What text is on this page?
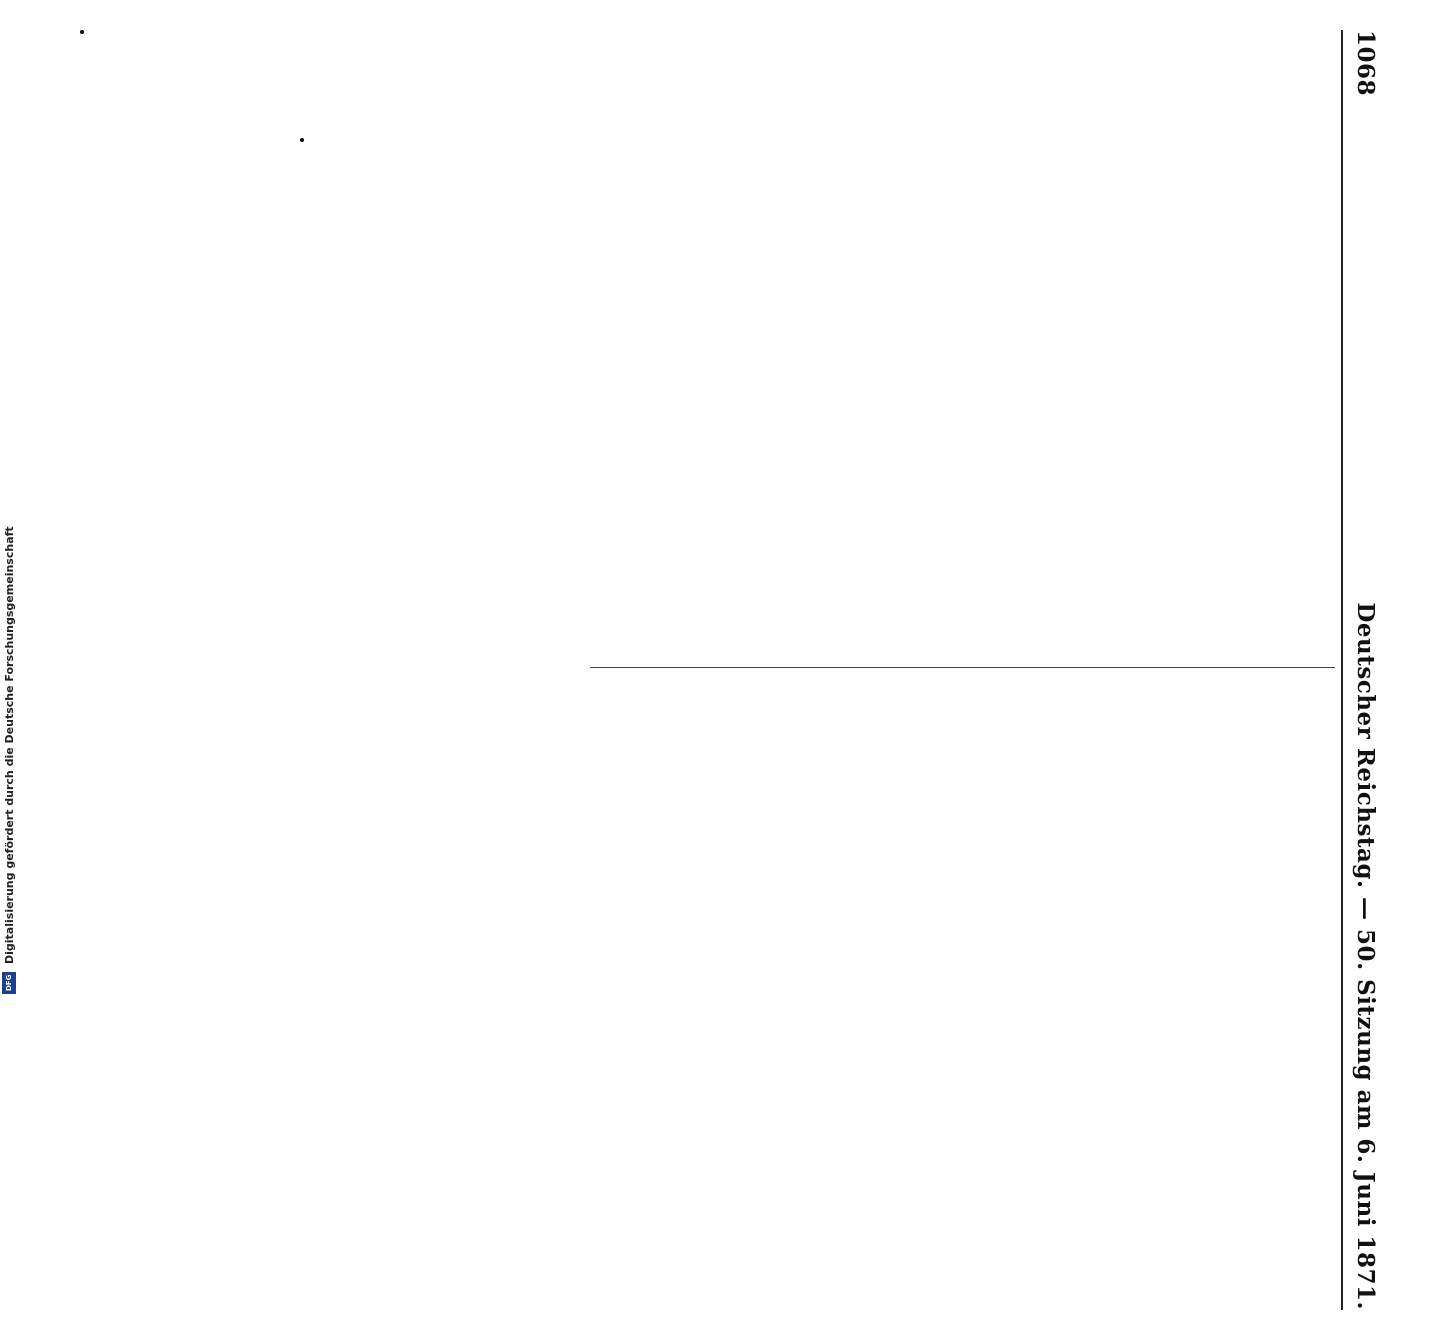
1068
Deutscher Reichstag. — 50. Sitzung am 6. Juni 1871.
Digitalisierung gefördert durch die Deutsche Forschungsgemeinschaft
DFG
